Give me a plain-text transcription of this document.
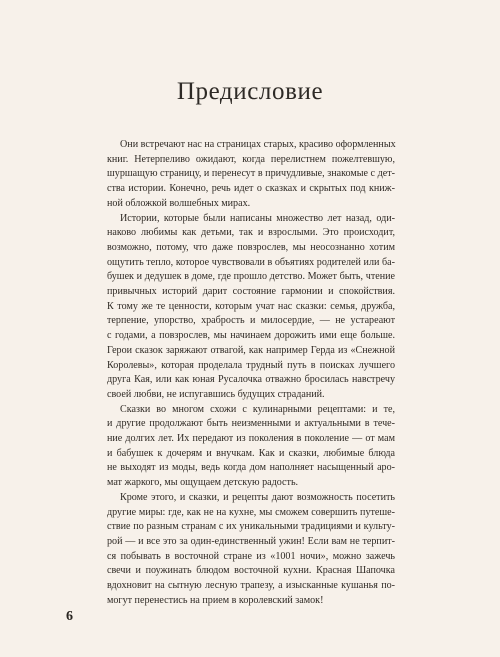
Предисловие
Они встречают нас на страницах старых, красиво оформленных
книг. Нетерпеливо ожидают, когда перелистнем пожелтевшую,
шуршащую страницу, и перенесут в причудливые, знакомые с дет-
ства истории. Конечно, речь идет о сказках и скрытых под книж-
ной обложкой волшебных мирах.
Истории, которые были написаны множество лет назад, оди-
наково любимы как детьми, так и взрослыми. Это происходит,
возможно, потому, что даже повзрослев, мы неосознанно хотим
ощутить тепло, которое чувствовали в объятиях родителей или ба-
бушек и дедушек в доме, где прошло детство. Может быть, чтение
привычных историй дарит состояние гармонии и спокойствия.
К тому же те ценности, которым учат нас сказки: семья, дружба,
терпение, упорство, храбрость и милосердие, — не устареают
с годами, а повзрослев, мы начинаем дорожить ими еще больше.
Герои сказок заряжают отвагой, как например Герда из «Снежной
Королевы», которая проделала трудный путь в поисках лучшего
друга Кая, или как юная Русалочка отважно бросилась навстречу
своей любви, не испугавшись будущих страданий.
Сказки во многом схожи с кулинарными рецептами: и те,
и другие продолжают быть неизменными и актуальными в тече-
ние долгих лет. Их передают из поколения в поколение — от мам
и бабушек к дочерям и внучкам. Как и сказки, любимые блюда
не выходят из моды, ведь когда дом наполняет насыщенный аро-
мат жаркого, мы ощущаем детскую радость.
Кроме этого, и сказки, и рецепты дают возможность посетить
другие миры: где, как не на кухне, мы сможем совершить путеше-
ствие по разным странам с их уникальными традициями и культу-
рой — и все это за один-единственный ужин! Если вам не терпит-
ся побывать в восточной стране из «1001 ночи», можно зажечь
свечи и поужинать блюдом восточной кухни. Красная Шапочка
вдохновит на сытную лесную трапезу, а изысканные кушанья по-
могут перенестись на прием в королевский замок!
6
